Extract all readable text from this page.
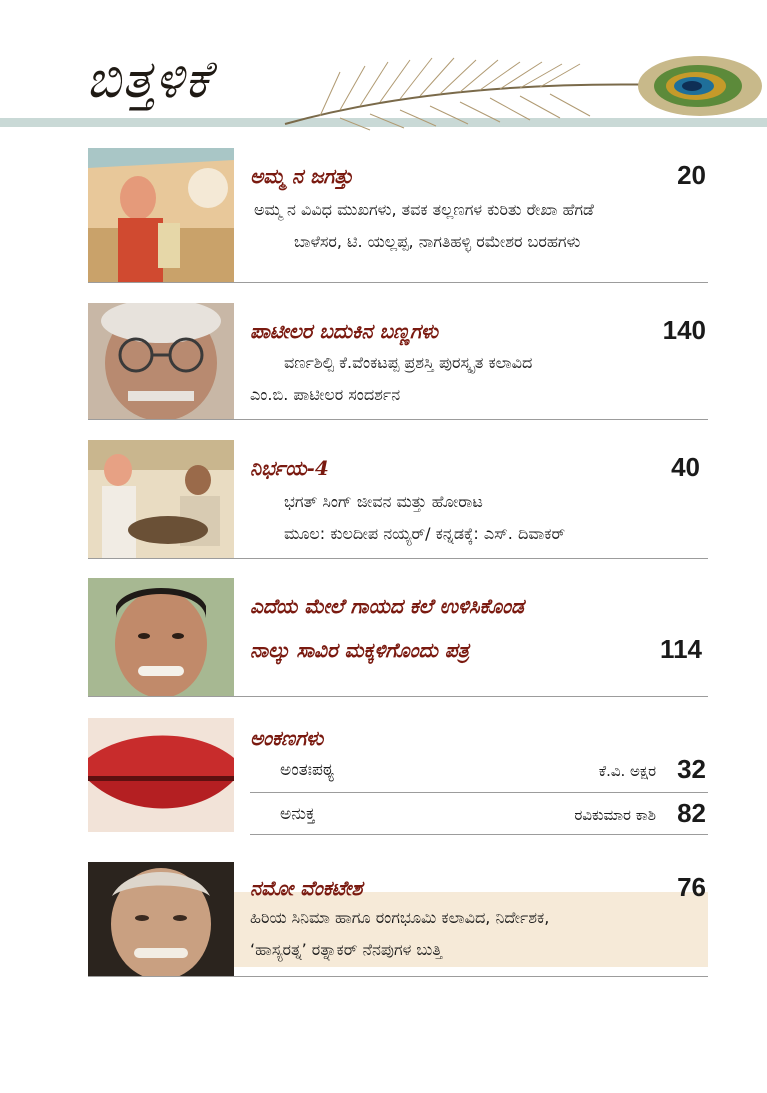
ಬಿತ್ತಳಿಕೆ
ಅಮ್ಮ ನ ಜಗತ್ತು	20
ಅಮ್ಮ ನ ವಿವಿಧ ಮುಖಗಳು, ತವಕ ತಲ್ಲಣಗಳ ಕುರಿತು ರೇಖಾ ಹೆಗಡೆ
ಬಾಳೆಸರ, ಟಿ. ಯಲ್ಲಪ್ಪ, ನಾಗತಿಹಳ್ಳಿ ರಮೇಶರ ಬರಹಗಳು
ಪಾಟೀಲರ ಬದುಕಿನ ಬಣ್ಣಗಳು	140
ವರ್ಣಶಿಲ್ಪಿ ಕೆ.ವೆಂಕಟಪ್ಪ ಪ್ರಶಸ್ತಿ ಪುರಸ್ಕೃತ ಕಲಾವಿದ
ಎಂ.ಬಿ. ಪಾಟೀಲರ ಸಂದರ್ಶನ
ನಿರ್ಭಯ-4	40
ಭಗತ್ ಸಿಂಗ್ ಜೀವನ ಮತ್ತು ಹೋರಾಟ
ಮೂಲ: ಕುಲದೀಪ ನಯ್ಯರ್/ ಕನ್ನಡಕ್ಕೆ: ಎಸ್. ದಿವಾಕರ್
ಎದೆಯ ಮೇಲೆ ಗಾಯದ ಕಲೆ ಉಳಿಸಿಕೊಂಡ
ನಾಲ್ಕು ಸಾವಿರ ಮಕ್ಕಳಿಗೊಂದು ಪತ್ರ	114
ಅಂಕಣಗಳು
ಅಂತಃಪಠ್ಯ	ಕೆ.ವಿ. ಅಕ್ಷರ 32
ಅನುಕ್ತ	ರವಿಕುಮಾರ ಕಾಶಿ 82
ನಮೋ ವೆಂಕಟೇಶ	76
ಹಿರಿಯ ಸಿನಿಮಾ ಹಾಗೂ ರಂಗಭೂಮಿ ಕಲಾವಿದ, ನಿರ್ದೇಶಕ,
‘ಹಾಸ್ಯರತ್ನ’ ರತ್ನಾಕರ್ ನೆನಪುಗಳ ಬುತ್ತಿ
